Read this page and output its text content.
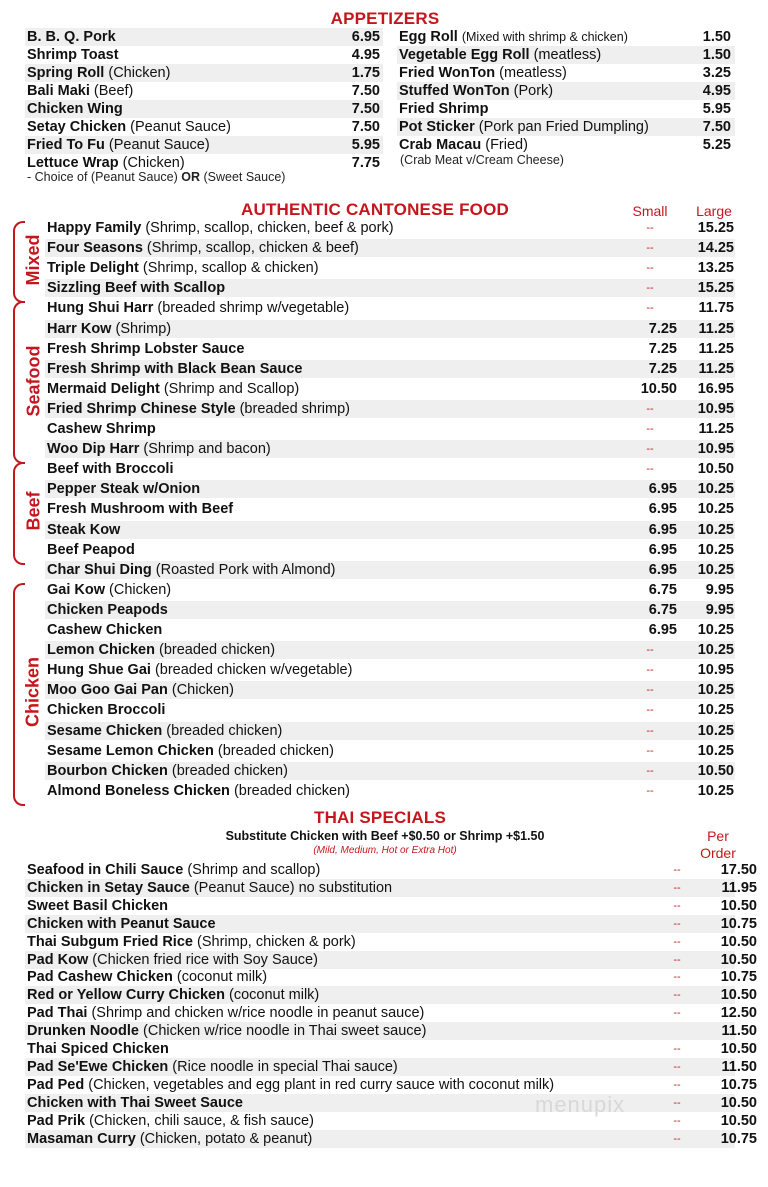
APPETIZERS
B. B. Q. Pork	6.95
Shrimp Toast	4.95
Spring Roll (Chicken)	1.75
Bali Maki (Beef)	7.50
Chicken Wing	7.50
Setay Chicken (Peanut Sauce)	7.50
Fried To Fu (Peanut Sauce)	5.95
Lettuce Wrap (Chicken)	7.75
- Choice of (Peanut Sauce) OR (Sweet Sauce)
Egg Roll (Mixed with shrimp & chicken)	1.50
Vegetable Egg Roll (meatless)	1.50
Fried WonTon (meatless)	3.25
Stuffed WonTon (Pork)	4.95
Fried Shrimp	5.95
Pot Sticker (Pork pan Fried Dumpling)	7.50
Crab Macau (Fried)	5.25
(Crab Meat v/Cream Cheese)
AUTHENTIC CANTONESE FOOD	Small	Large
Mixed
Seafood
Beef
Chicken
Happy Family (Shrimp, scallop, chicken, beef & pork)	--	15.25
Four Seasons (Shrimp, scallop, chicken & beef)	--	14.25
Triple Delight (Shrimp, scallop & chicken)	--	13.25
Sizzling Beef with Scallop	--	15.25
Hung Shui Harr (breaded shrimp w/vegetable)	--	11.75
Harr Kow (Shrimp)	7.25	11.25
Fresh Shrimp Lobster Sauce	7.25	11.25
Fresh Shrimp with Black Bean Sauce	7.25	11.25
Mermaid Delight (Shrimp and Scallop)	10.50	16.95
Fried Shrimp Chinese Style (breaded shrimp)	--	10.95
Cashew Shrimp	--	11.25
Woo Dip Harr (Shrimp and bacon)	--	10.95
Beef with Broccoli	--	10.50
Pepper Steak w/Onion	6.95	10.25
Fresh Mushroom with Beef	6.95	10.25
Steak Kow	6.95	10.25
Beef Peapod	6.95	10.25
Char Shui Ding (Roasted Pork with Almond)	6.95	10.25
Gai Kow (Chicken)	6.75	9.95
Chicken Peapods	6.75	9.95
Cashew Chicken	6.95	10.25
Lemon Chicken (breaded chicken)	--	10.25
Hung Shue Gai (breaded chicken w/vegetable)	--	10.95
Moo Goo Gai Pan (Chicken)	--	10.25
Chicken Broccoli	--	10.25
Sesame Chicken (breaded chicken)	--	10.25
Sesame Lemon Chicken (breaded chicken)	--	10.25
Bourbon Chicken (breaded chicken)	--	10.50
Almond Boneless Chicken (breaded chicken)	--	10.25
THAI SPECIALS
Substitute Chicken with Beef +$0.50 or Shrimp +$1.50
(Mild, Medium, Hot or Extra Hot)
Per Order
Seafood in Chili Sauce (Shrimp and scallop)	--	17.50
Chicken in Setay Sauce (Peanut Sauce) no substitution	--	11.95
Sweet Basil Chicken	--	10.50
Chicken with Peanut Sauce	--	10.75
Thai Subgum Fried Rice (Shrimp, chicken & pork)	--	10.50
Pad Kow (Chicken fried rice with Soy Sauce)	--	10.50
Pad Cashew Chicken (coconut milk)	--	10.75
Red or Yellow Curry Chicken (coconut milk)	--	10.50
Pad Thai (Shrimp and chicken w/rice noodle in peanut sauce)	--	12.50
Drunken Noodle (Chicken w/rice noodle in Thai sweet sauce)	11.50
Thai Spiced Chicken	--	10.50
Pad Se'Ewe Chicken (Rice noodle in special Thai sauce)	--	11.50
Pad Ped (Chicken, vegetables and egg plant in red curry sauce with coconut milk)	--	10.75
Chicken with Thai Sweet Sauce	--	10.50
Pad Prik (Chicken, chili sauce, & fish sauce)	--	10.50
Masaman Curry (Chicken, potato & peanut)	--	10.75
menupix
